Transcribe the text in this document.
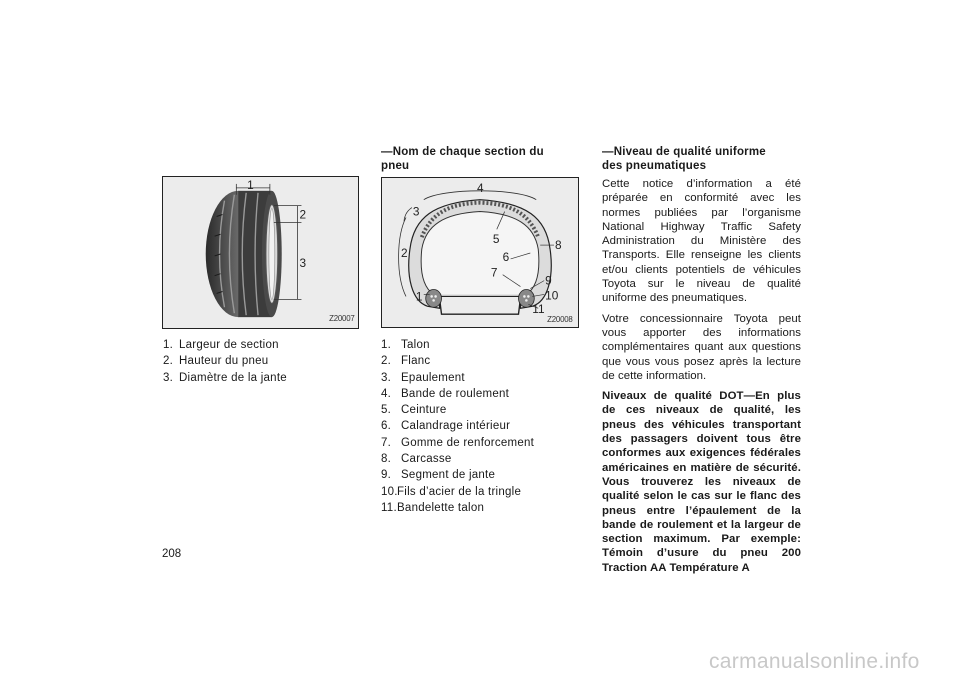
1
2
3
Z20007
1. Largeur de section
2. Hauteur du pneu
3. Diamètre de la jante

—Nom de chaque section du

pneu

1
2
3
4
5
6
7
8
9
10
11
Z20008
1. Talon
2. Flanc
3. Epaulement
4. Bande de roulement
5. Ceinture
6. Calandrage intérieur
7. Gomme de renforcement
8. Carcasse
9. Segment de jante
10. Fils d’acier de la tringle
11. Bandelette talon

—Niveau de qualité uniforme

des pneumatiques

Cette notice d’information a été préparée en conformité avec les normes publiées par l’organisme National Highway Traffic Safety Administration du Ministère des Transports. Elle renseigne les clients et/ou clients potentiels de véhicules Toyota sur le niveau de qualité uniforme des pneumatiques.

Votre concessionnaire Toyota peut vous apporter des informations complémentaires quant aux questions que vous vous posez après la lecture de cette information.

Niveaux de qualité DOT—En plus de ces niveaux de qualité, les pneus des véhicules transportant des passagers doivent tous être conformes aux exigences fédérales américaines en matière de sécurité. Vous trouverez les niveaux de qualité selon le cas sur le flanc des pneus entre l’épaulement de la bande de roulement et la largeur de section maximum. Par exemple: Témoin d’usure du pneu 200 Traction AA Température A

208
carmanualsonline.info
